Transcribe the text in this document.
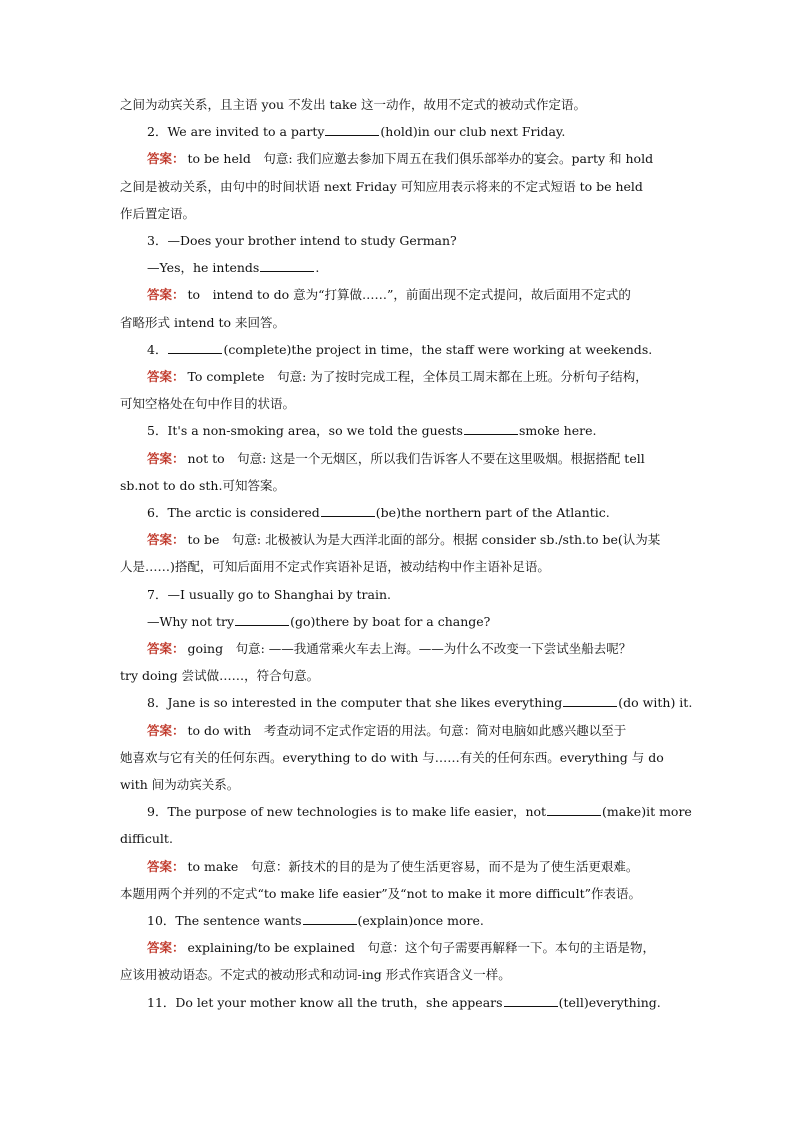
之间为动宾关系，且主语 you 不发出 take 这一动作，故用不定式的被动式作定语。
2．We are invited to a party	(hold)in our club next Friday.
答案： to be held　句意: 我们应邀去参加下周五在我们俱乐部举办的宴会。party 和 hold
之间是被动关系，由句中的时间状语 next Friday 可知应用表示将来的不定式短语 to be held
作后置定语。
3．—Does your brother intend to study German?
—Yes，he intends	.
答案： to　intend to do 意为“打算做……”，前面出现不定式提问，故后面用不定式的
省略形式 intend to 来回答。
4．	(complete)the project in time，the staff were working at weekends.
答案： To complete　句意: 为了按时完成工程，全体员工周末都在上班。分析句子结构，
可知空格处在句中作目的状语。
5．It's a non-smoking area，so we told the guests	smoke here.
答案： not to　句意: 这是一个无烟区，所以我们告诉客人不要在这里吸烟。根据搭配 tell
sb.not to do sth.可知答案。
6．The arctic is considered	(be)the northern part of the Atlantic.
答案： to be　句意: 北极被认为是大西洋北面的部分。根据 consider sb./sth.to be(认为某
人是……)搭配，可知后面用不定式作宾语补足语，被动结构中作主语补足语。
7．—I usually go to Shanghai by train.
—Why not try	(go)there by boat for a change?
答案： going　句意: ——我通常乘火车去上海。——为什么不改变一下尝试坐船去呢？
try doing 尝试做……，符合句意。
8．Jane is so interested in the computer that she likes everything	(do with) it.
答案： to do with　考查动词不定式作定语的用法。句意：简对电脑如此感兴趣以至于
她喜欢与它有关的任何东西。everything to do with 与……有关的任何东西。everything 与 do
with 间为动宾关系。
9．The purpose of new technologies is to make life easier，not	(make)it more
difficult.
答案： to make　句意：新技术的目的是为了使生活更容易，而不是为了使生活更艰难。
本题用两个并列的不定式“to make life easier”及“not to make it more difficult”作表语。
10．The sentence wants	(explain)once more.
答案： explaining/to be explained　句意：这个句子需要再解释一下。本句的主语是物，
应该用被动语态。不定式的被动形式和动词-ing 形式作宾语含义一样。
11．Do let your mother know all the truth，she appears	(tell)everything.
